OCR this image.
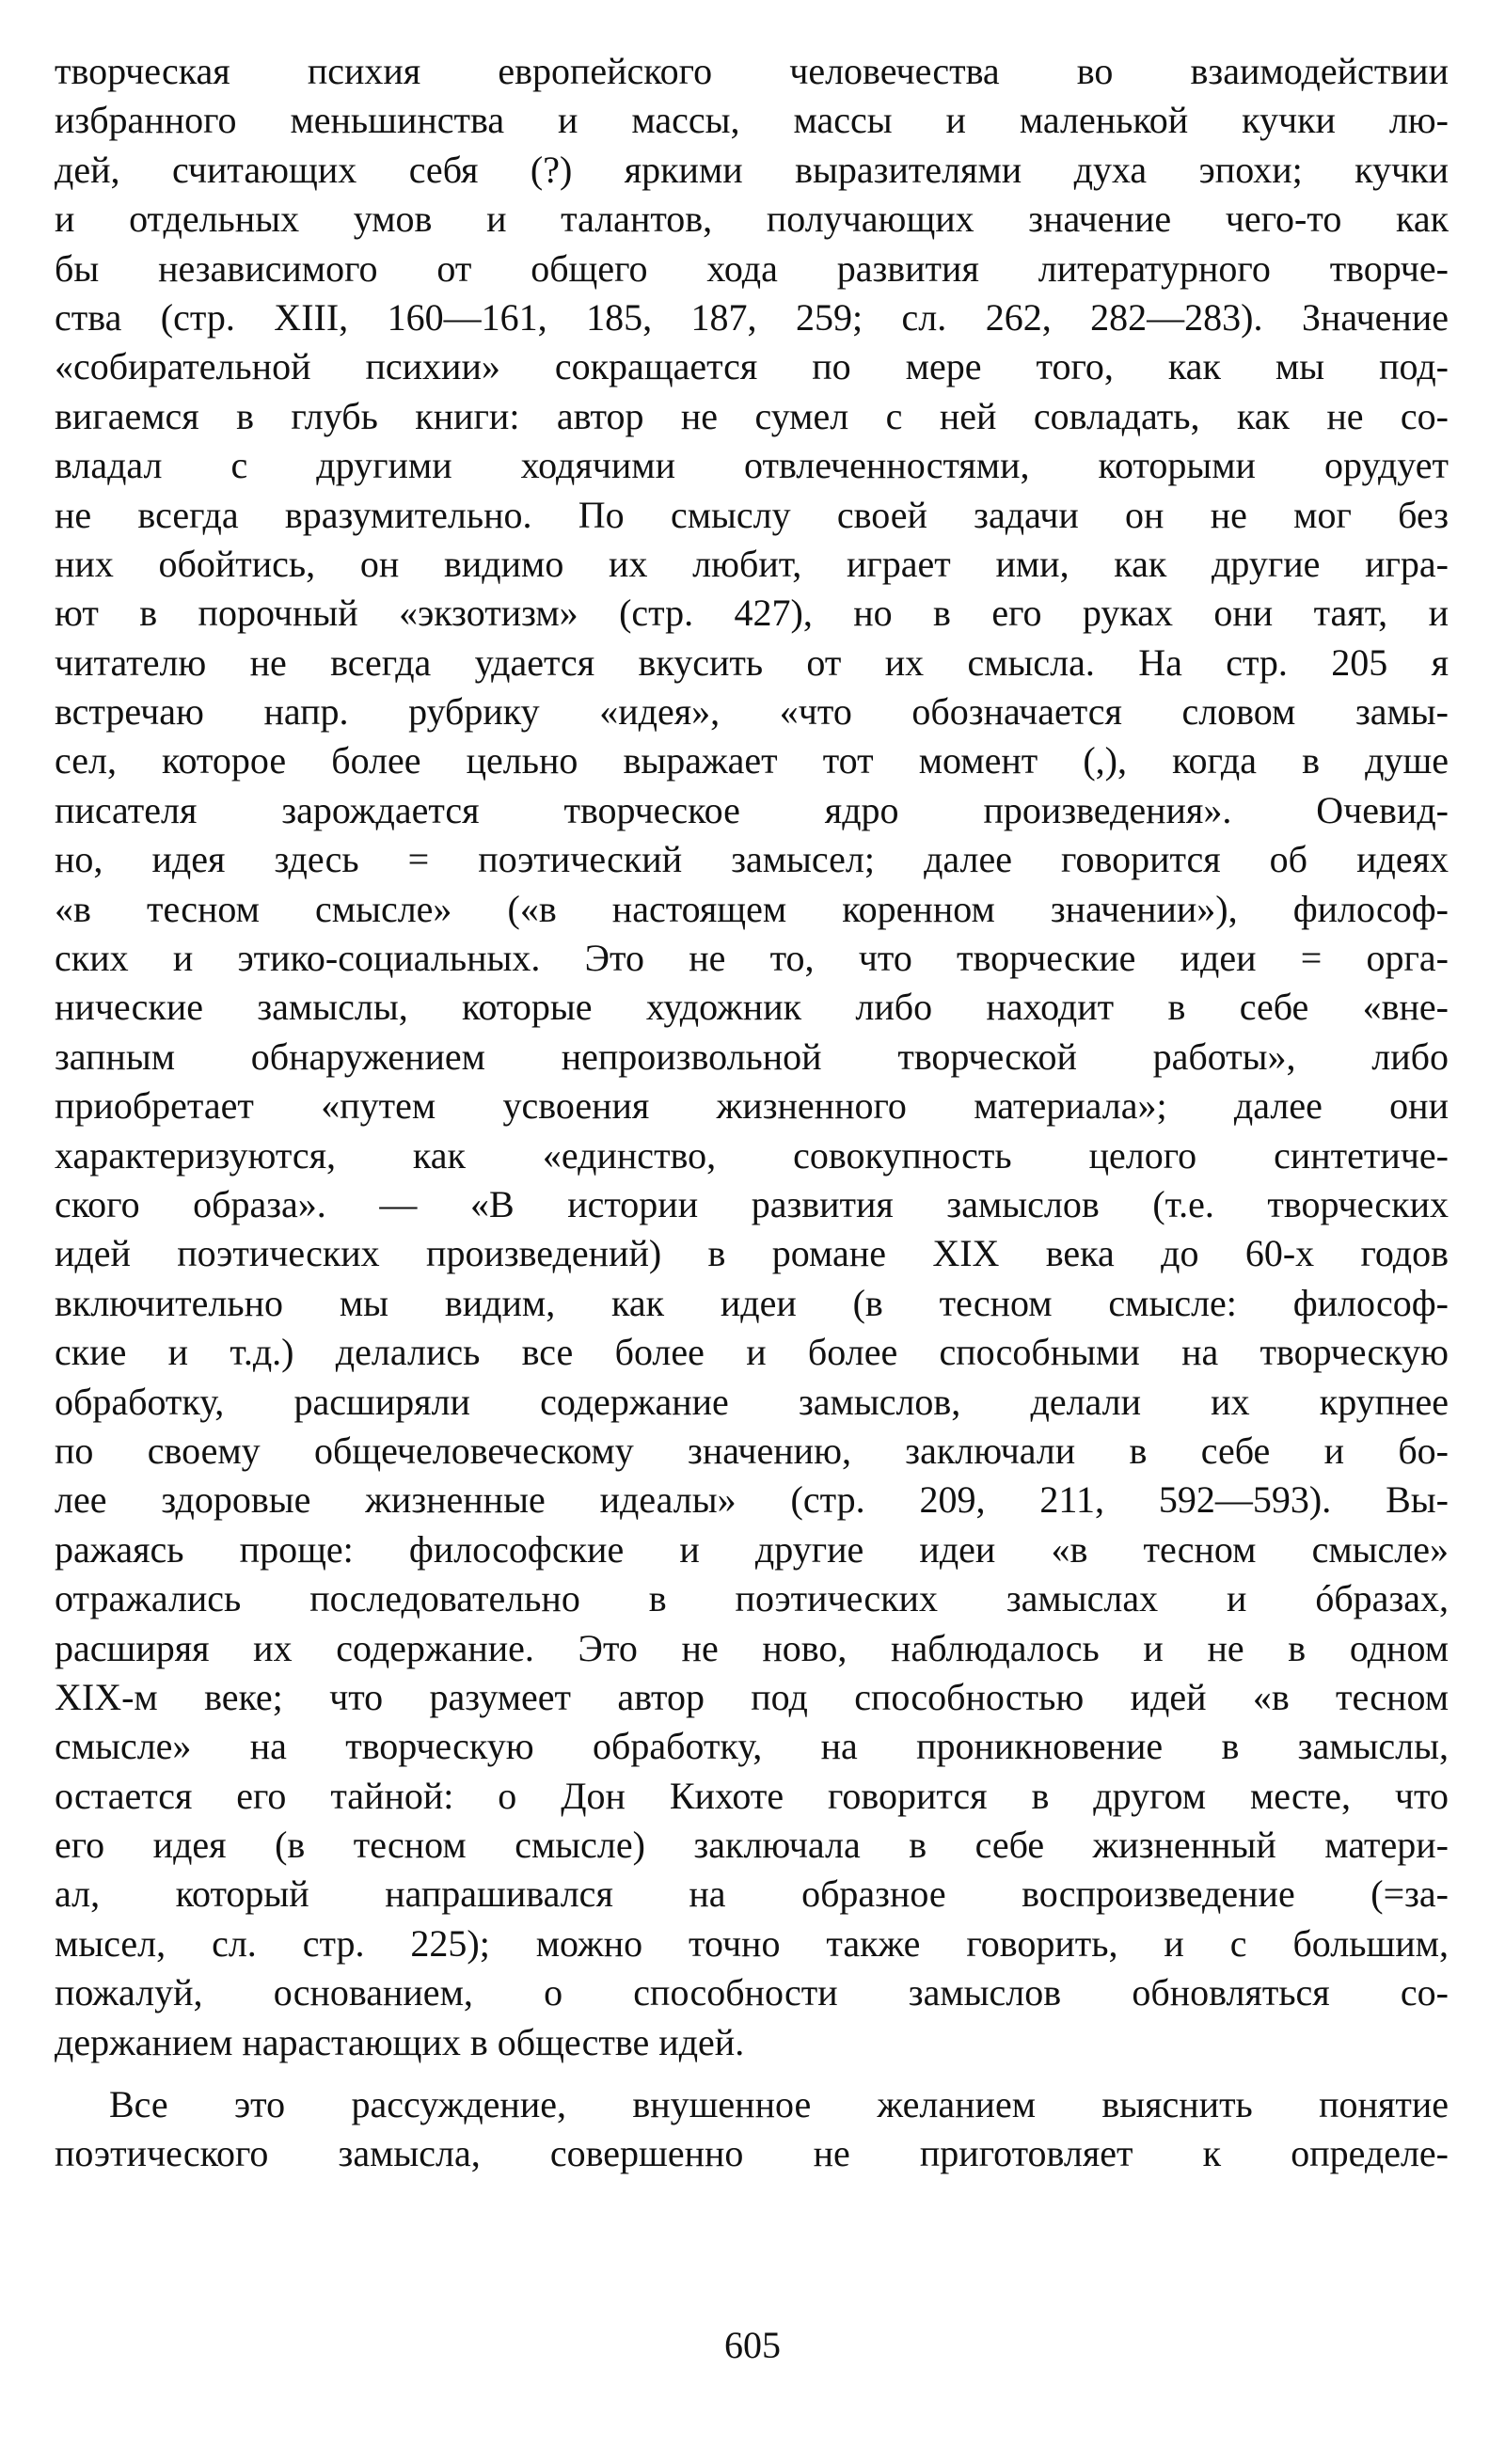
творческая психия европейского человечества во взаимодействии
избранного меньшинства и массы, массы и маленькой кучки лю-
дей, считающих себя (?) яркими выразителями духа эпохи; кучки
и отдельных умов и талантов, получающих значение чего-то как
бы независимого от общего хода развития литературного творче-
ства (стр. XIII, 160—161, 185, 187, 259; сл. 262, 282—283). Значение
«собирательной психии» сокращается по мере того, как мы под-
вигаемся в глубь книги: автор не сумел с ней совладать, как не со-
владал с другими ходячими отвлеченностями, которыми орудует
не всегда вразумительно. По смыслу своей задачи он не мог без
них обойтись, он видимо их любит, играет ими, как другие игра-
ют в порочный «экзотизм» (стр. 427), но в его руках они таят, и
читателю не всегда удается вкусить от их смысла. На стр. 205 я
встречаю напр. рубрику «идея», «что обозначается словом замы-
сел, которое более цельно выражает тот момент (,), когда в душе
писателя зарождается творческое ядро произведения». Очевид-
но, идея здесь = поэтический замысел; далее говорится об идеях
«в тесном смысле» («в настоящем коренном значении»), философ-
ских и этико-социальных. Это не то, что творческие идеи = орга-
нические замыслы, которые художник либо находит в себе «вне-
запным обнаружением непроизвольной творческой работы», либо
приобретает «путем усвоения жизненного материала»; далее они
характеризуются, как «единство, совокупность целого синтетиче-
ского образа». — «В истории развития замыслов (т.е. творческих
идей поэтических произведений) в романе XIX века до 60-х годов
включительно мы видим, как идеи (в тесном смысле: философ-
ские и т.д.) делались все более и более способными на творческую
обработку, расширяли содержание замыслов, делали их крупнее
по своему общечеловеческому значению, заключали в себе и бо-
лее здоровые жизненные идеалы» (стр. 209, 211, 592—593). Вы-
ражаясь проще: философские и другие идеи «в тесном смысле»
отражались последовательно в поэтических замыслах и óбразах,
расширяя их содержание. Это не ново, наблюдалось и не в одном
XIX-м веке; что разумеет автор под способностью идей «в тесном
смысле» на творческую обработку, на проникновение в замыслы,
остается его тайной: о Дон Кихоте говорится в другом месте, что
его идея (в тесном смысле) заключала в себе жизненный матери-
ал, который напрашивался на образное воспроизведение (=за-
мысел, сл. стр. 225); можно точно также говорить, и с большим,
пожалуй, основанием, о способности замыслов обновляться со-
держанием нарастающих в обществе идей.
Все это рассуждение, внушенное желанием выяснить понятие
поэтического замысла, совершенно не приготовляет к определе-
605
